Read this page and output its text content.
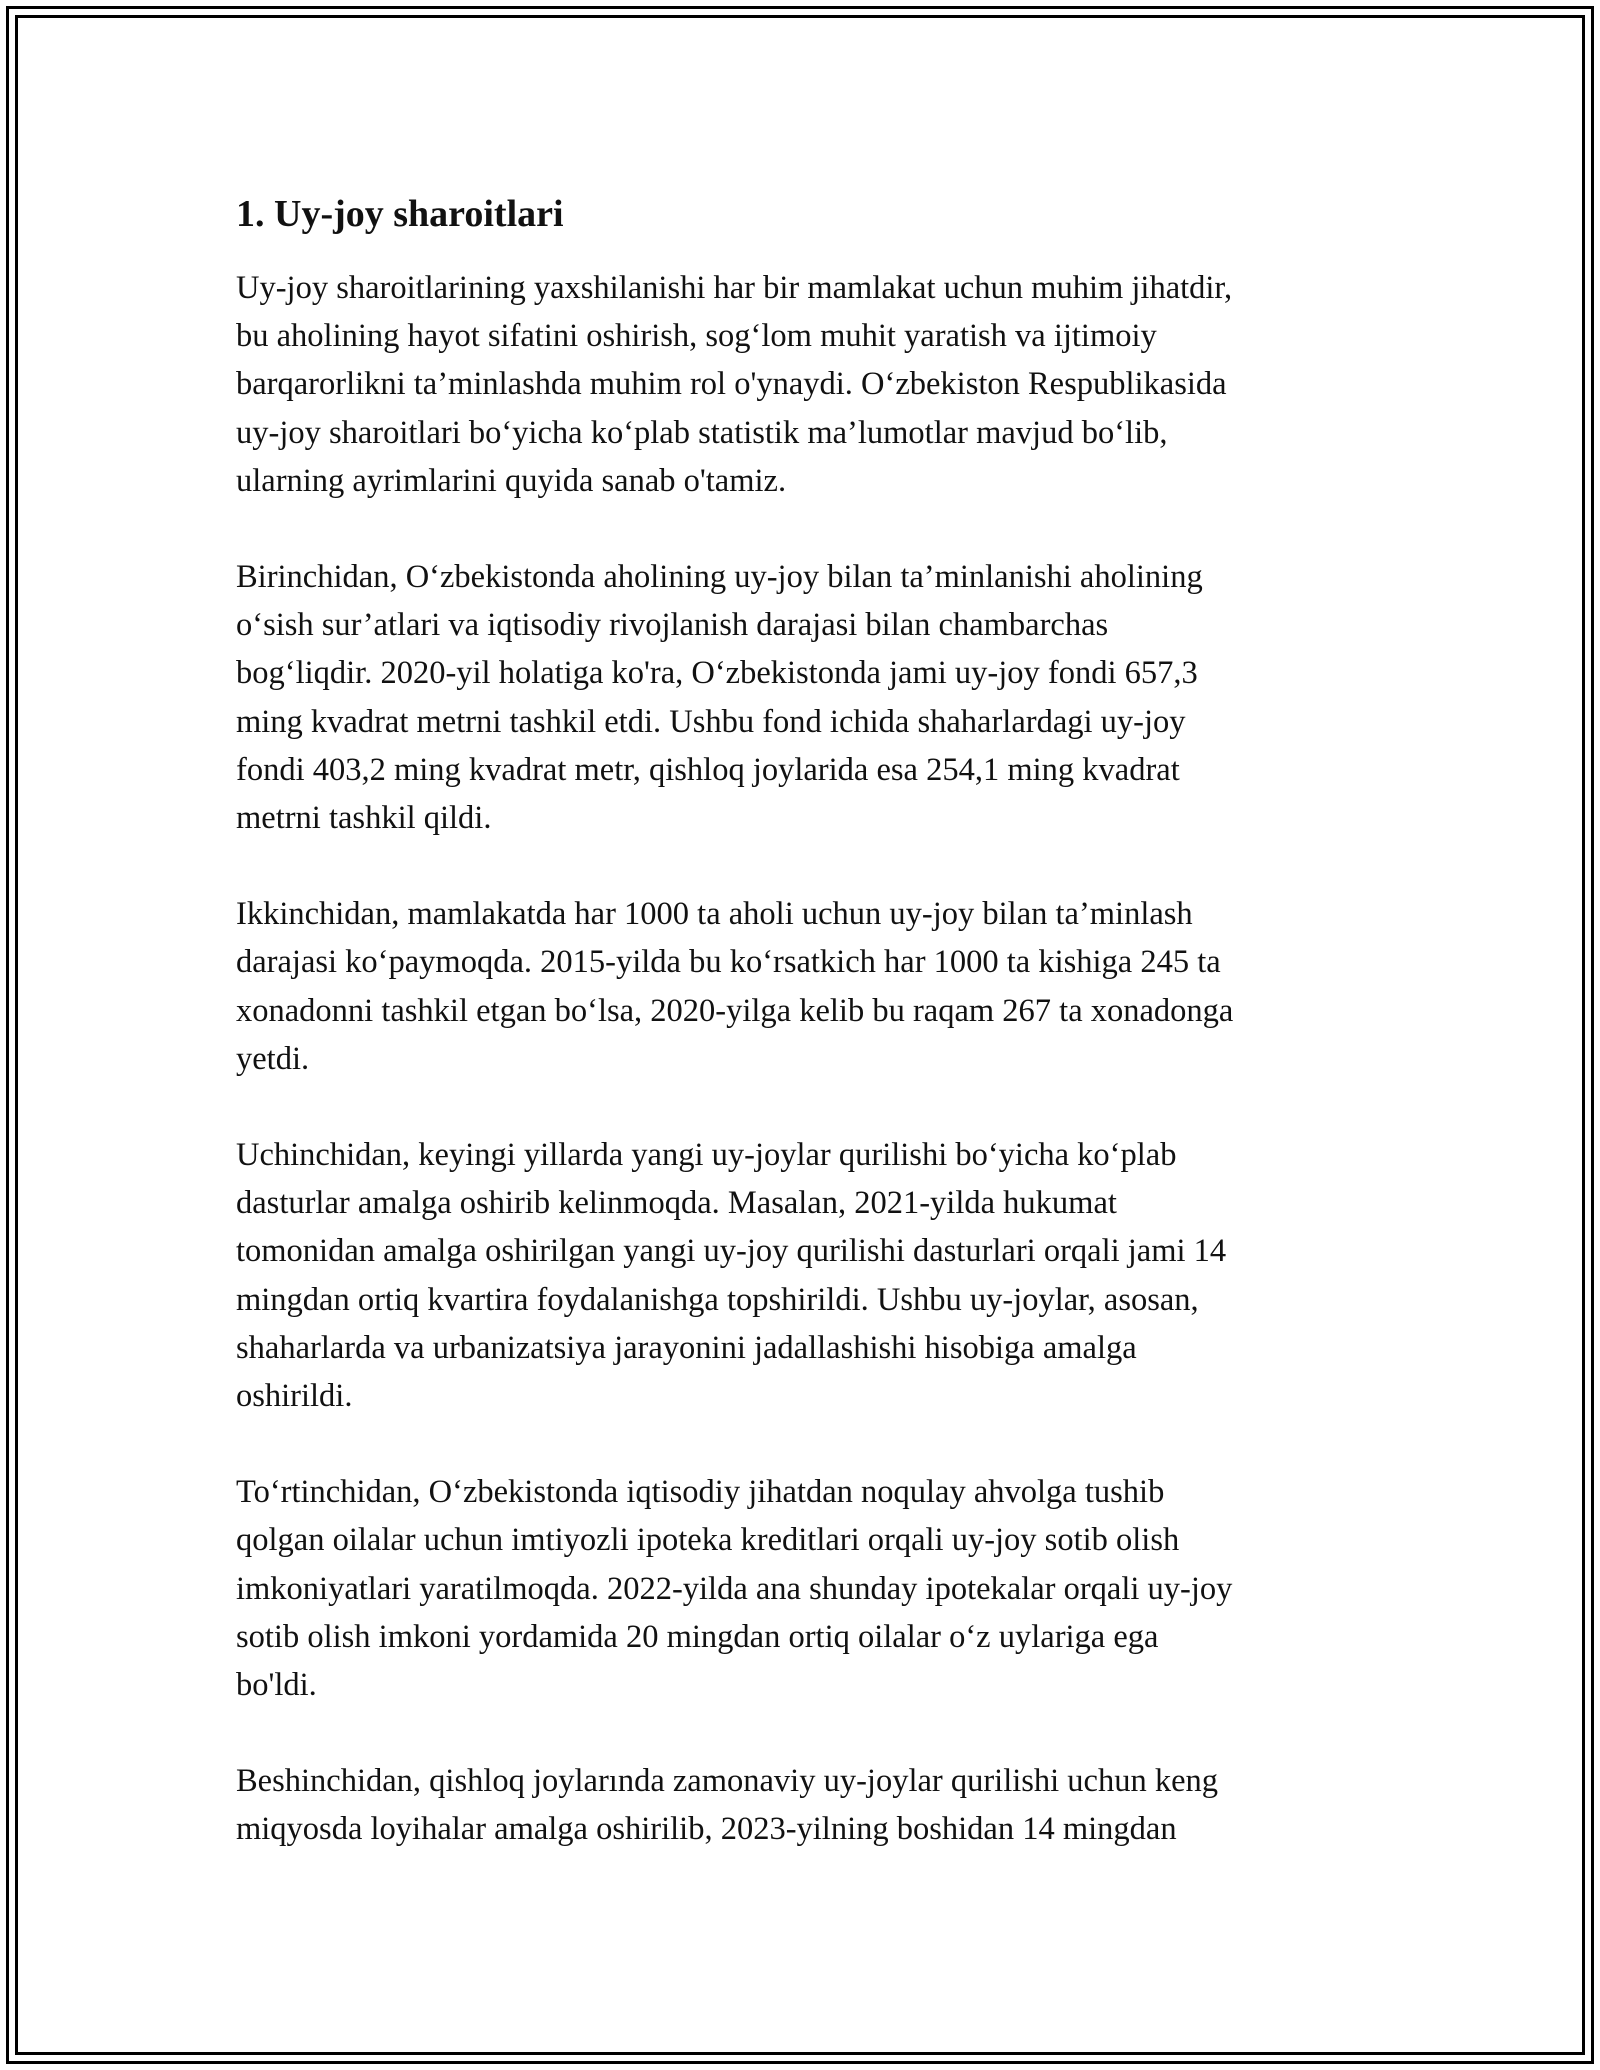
1. Uy-joy sharoitlari

Uy-joy sharoitlarining yaxshilanishi har bir mamlakat uchun muhim jihatdir,
bu aholining hayot sifatini oshirish, sog‘lom muhit yaratish va ijtimoiy
barqarorlikni ta’minlashda muhim rol o'ynaydi. O‘zbekiston Respublikasida
uy-joy sharoitlari bo‘yicha ko‘plab statistik ma’lumotlar mavjud bo‘lib,
ularning ayrimlarini quyida sanab o'tamiz.

Birinchidan, O‘zbekistonda aholining uy-joy bilan ta’minlanishi aholining
o‘sish sur’atlari va iqtisodiy rivojlanish darajasi bilan chambarchas
bog‘liqdir. 2020-yil holatiga ko'ra, O‘zbekistonda jami uy-joy fondi 657,3
ming kvadrat metrni tashkil etdi. Ushbu fond ichida shaharlardagi uy-joy
fondi 403,2 ming kvadrat metr, qishloq joylarida esa 254,1 ming kvadrat
metrni tashkil qildi.

Ikkinchidan, mamlakatda har 1000 ta aholi uchun uy-joy bilan ta’minlash
darajasi ko‘paymoqda. 2015-yilda bu ko‘rsatkich har 1000 ta kishiga 245 ta
xonadonni tashkil etgan bo‘lsa, 2020-yilga kelib bu raqam 267 ta xonadonga
yetdi.

Uchinchidan, keyingi yillarda yangi uy-joylar qurilishi bo‘yicha ko‘plab
dasturlar amalga oshirib kelinmoqda. Masalan, 2021-yilda hukumat
tomonidan amalga oshirilgan yangi uy-joy qurilishi dasturlari orqali jami 14
mingdan ortiq kvartira foydalanishga topshirildi. Ushbu uy-joylar, asosan,
shaharlarda va urbanizatsiya jarayonini jadallashishi hisobiga amalga
oshirildi.

To‘rtinchidan, O‘zbekistonda iqtisodiy jihatdan noqulay ahvolga tushib
qolgan oilalar uchun imtiyozli ipoteka kreditlari orqali uy-joy sotib olish
imkoniyatlari yaratilmoqda. 2022-yilda ana shunday ipotekalar orqali uy-joy
sotib olish imkoni yordamida 20 mingdan ortiq oilalar o‘z uylariga ega
bo'ldi.

Beshinchidan, qishloq joylarında zamonaviy uy-joylar qurilishi uchun keng
miqyosda loyihalar amalga oshirilib, 2023-yilning boshidan 14 mingdan
